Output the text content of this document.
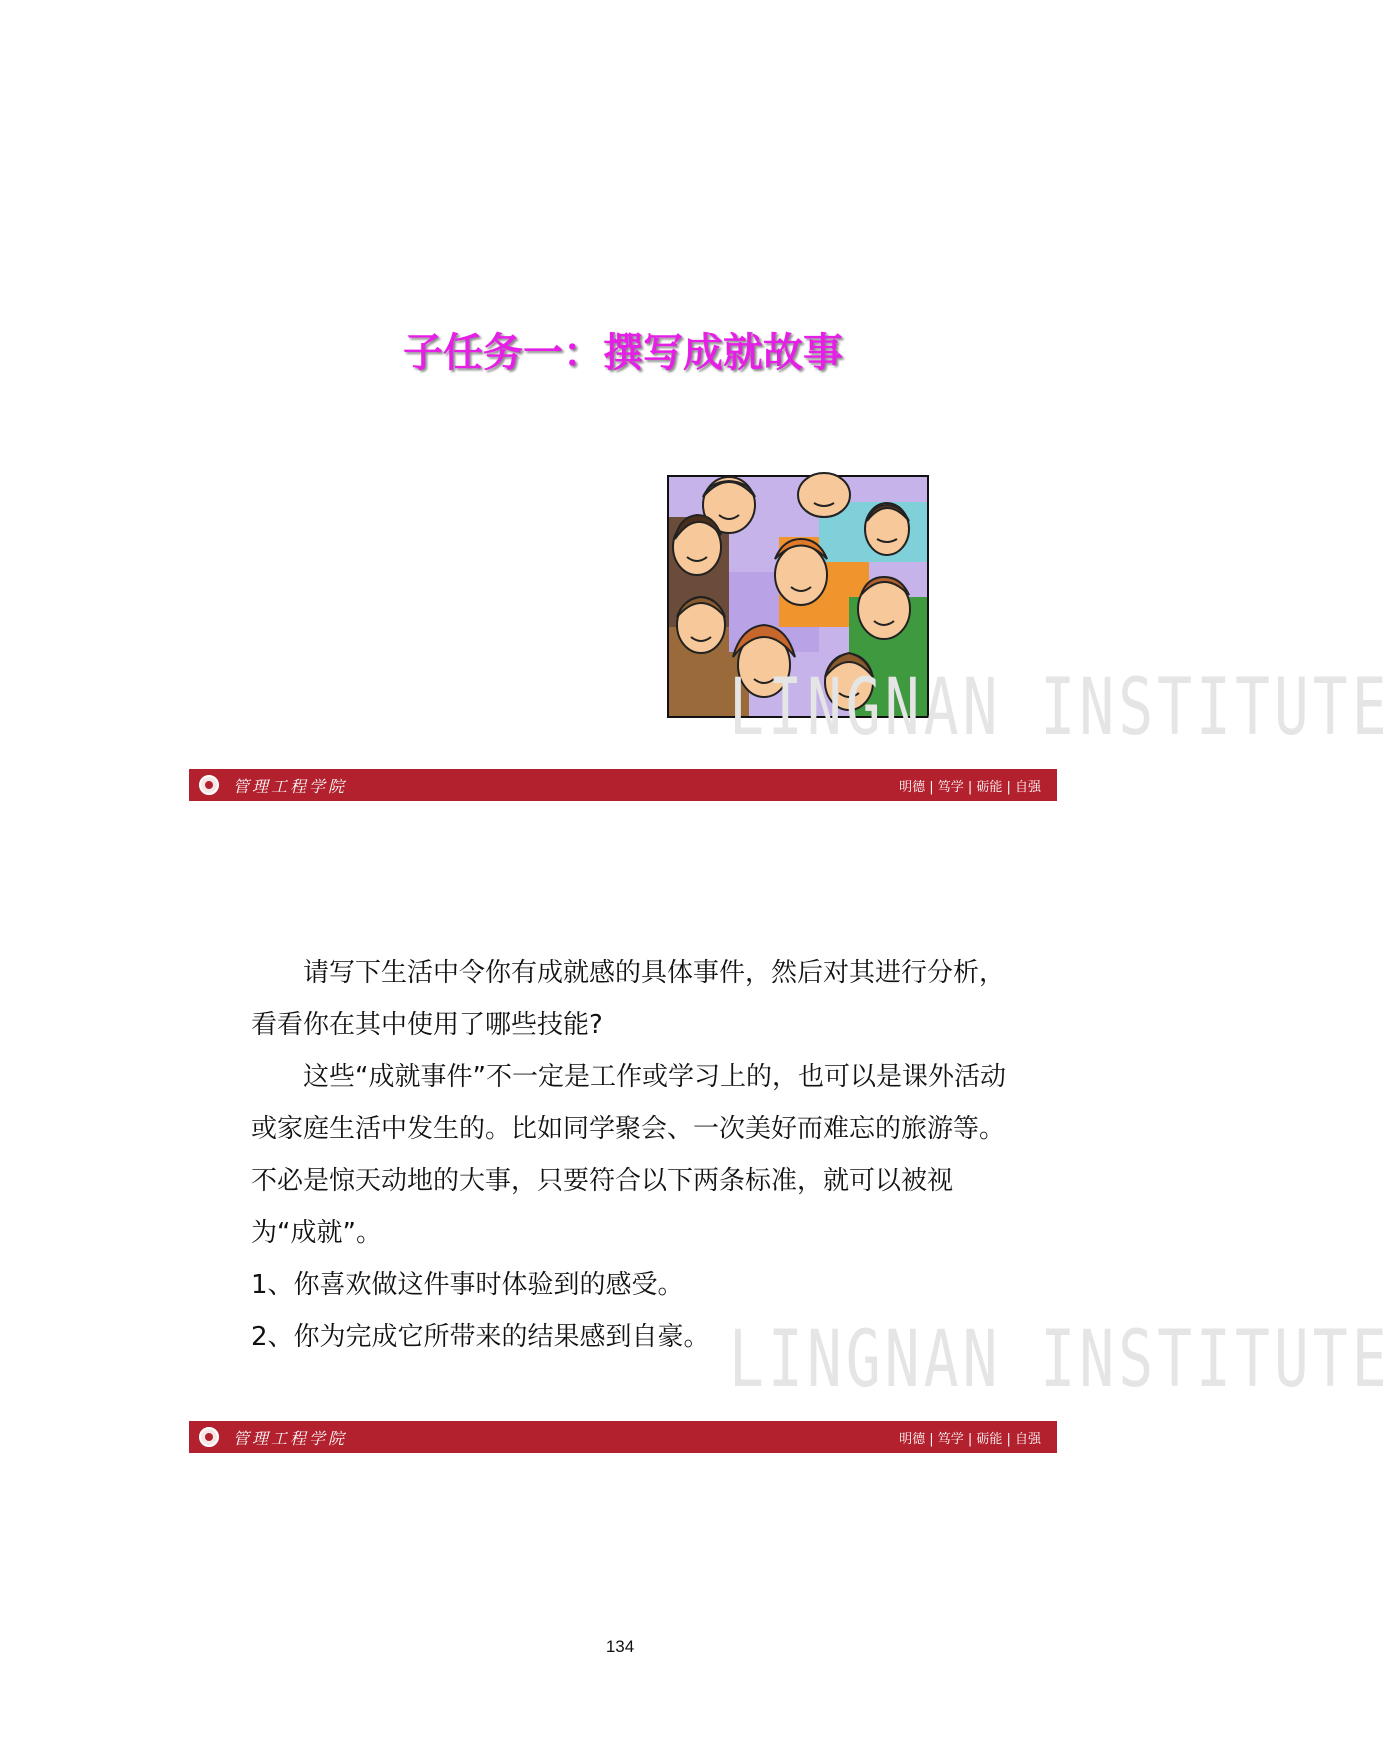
子任务一：撰写成就故事
LINGNAN INSTITUTE
管理工程学院	明德 | 笃学 | 砺能 | 自强

请写下生活中令你有成就感的具体事件，然后对其进行分析，看看你在其中使用了哪些技能?

这些“成就事件”不一定是工作或学习上的，也可以是课外活动或家庭生活中发生的。比如同学聚会、一次美好而难忘的旅游等。不必是惊天动地的大事，只要符合以下两条标准，就可以被视为“成就”。

1、你喜欢做这件事时体验到的感受。

2、你为完成它所带来的结果感到自豪。 LINGNAN INSTITUTE
管理工程学院	明德 | 笃学 | 砺能 | 自强
134
